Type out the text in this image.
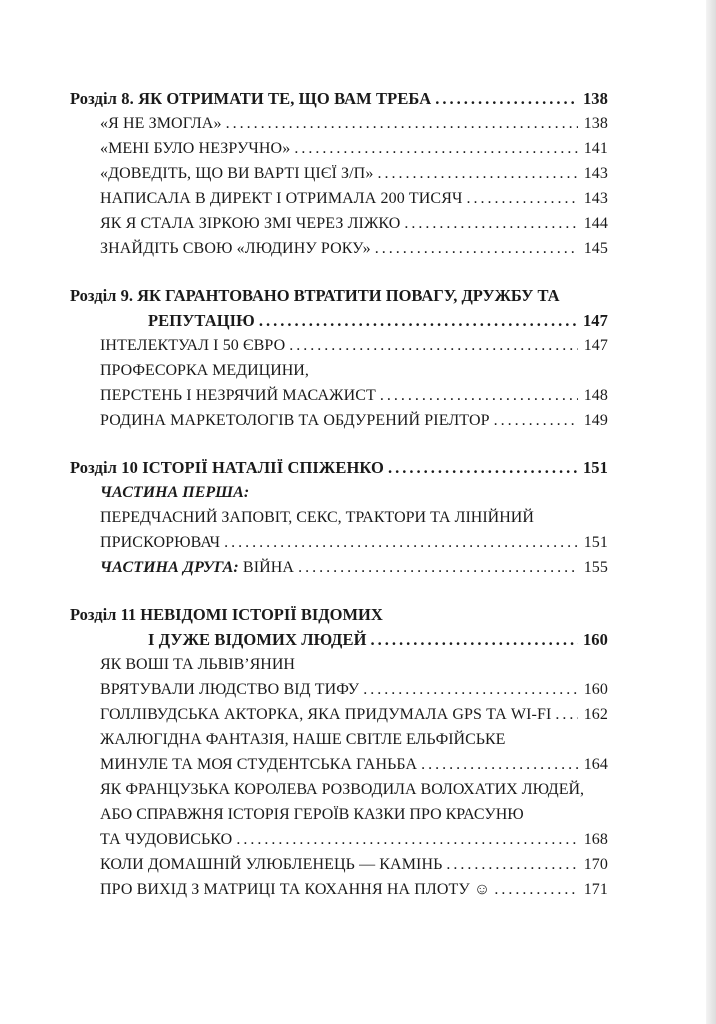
Розділ 8. ЯК ОТРИМАТИ ТЕ, ЩО ВАМ ТРЕБА .....	138
«Я НЕ ЗМОГЛА» .....	138
«МЕНІ БУЛО НЕЗРУЧНО» .....	141
«ДОВЕДІТЬ, ЩО ВИ ВАРТІ ЦІЄЇ З/П» .....	143
НАПИСАЛА В ДИРЕКТ І ОТРИМАЛА 200 ТИСЯЧ .....	143
ЯК Я СТАЛА ЗІРКОЮ ЗМІ ЧЕРЕЗ ЛІЖКО .....	144
ЗНАЙДІТЬ СВОЮ «ЛЮДИНУ РОКУ» .....	145
Розділ 9. ЯК ГАРАНТОВАНО ВТРАТИТИ ПОВАГУ, ДРУЖБУ ТА
РЕПУТАЦІЮ .....	147
ІНТЕЛЕКТУАЛ І 50 ЄВРО .....	147
ПРОФЕСОРКА МЕДИЦИНИ,
ПЕРСТЕНЬ І НЕЗРЯЧИЙ МАСАЖИСТ .....	148
РОДИНА МАРКЕТОЛОГІВ ТА ОБДУРЕНИЙ РІЕЛТОР .....	149
Розділ 10 ІСТОРІЇ НАТАЛІЇ СПІЖЕНКО .....	151
ЧАСТИНА ПЕРША:
ПЕРЕДЧАСНИЙ ЗАПОВІТ, СЕКС, ТРАКТОРИ ТА ЛІНІЙНИЙ
ПРИСКОРЮВАЧ .....	151
ЧАСТИНА ДРУГА: ВІЙНА .....	155
Розділ 11 НЕВІДОМІ ІСТОРІЇ ВІДОМИХ
І ДУЖЕ ВІДОМИХ ЛЮДЕЙ .....	160
ЯК ВОШІ ТА ЛЬВІВ’ЯНИН
ВРЯТУВАЛИ ЛЮДСТВО ВІД ТИФУ .....	160
ГОЛЛІВУДСЬКА АКТОРКА, ЯКА ПРИДУМАЛА GPS ТА WI-FI ..... 162
ЖАЛЮГІДНА ФАНТАЗІЯ, НАШЕ СВІТЛЕ ЕЛЬФІЙСЬКЕ
МИНУЛЕ ТА МОЯ СТУДЕНТСЬКА ГАНЬБА .....	164
ЯК ФРАНЦУЗЬКА КОРОЛЕВА РОЗВОДИЛА ВОЛОХАТИХ ЛЮДЕЙ,
АБО СПРАВЖНЯ ІСТОРІЯ ГЕРОЇВ КАЗКИ ПРО КРАСУНЮ
ТА ЧУДОВИСЬКО .....	168
КОЛИ ДОМАШНІЙ УЛЮБЛЕНЕЦЬ — КАМІНЬ .....	170
ПРО ВИХІД З МАТРИЦІ ТА КОХАННЯ НА ПЛОТУ ☺ .....	171
